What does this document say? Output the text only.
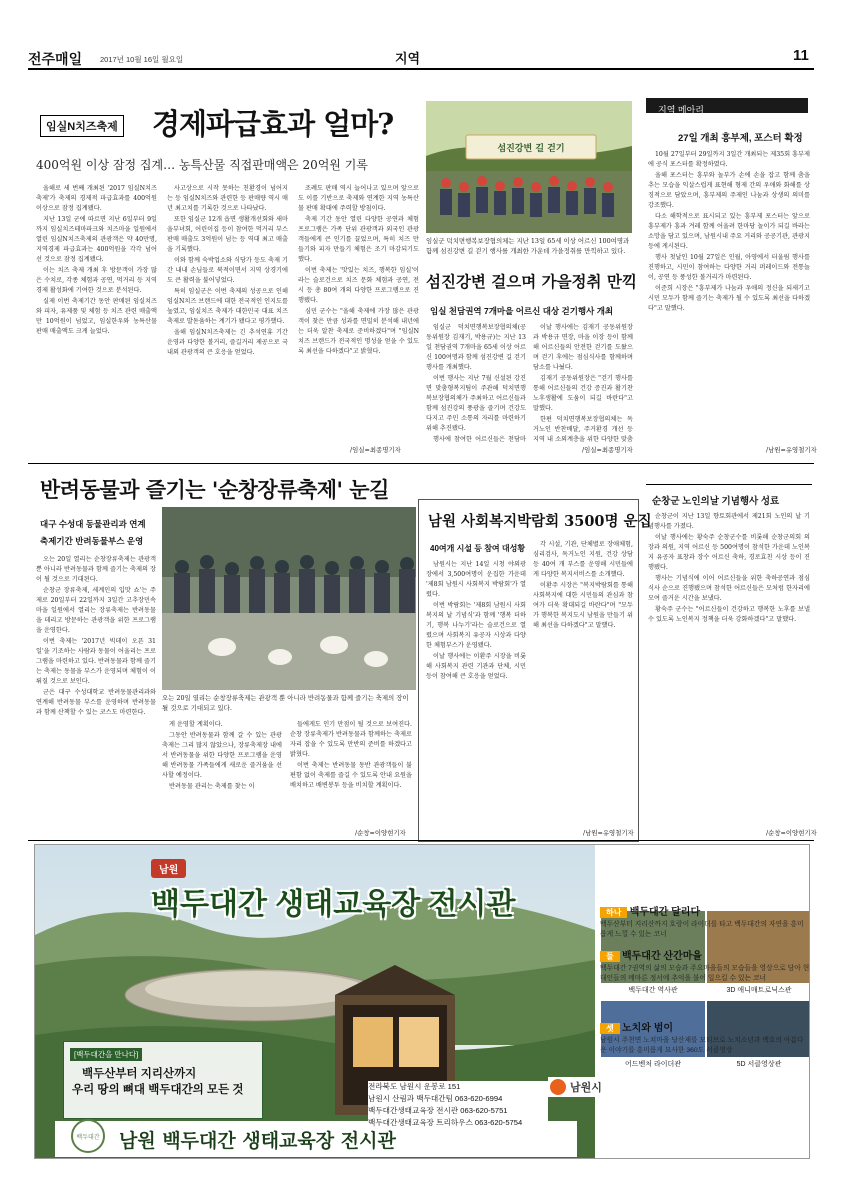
전주매일 2017년 10월 16일 월요일	지역	11
임실N치즈축제 경제파급효과 얼마?
400억원 이상 잠정 집계… 농특산물 직접판매액은 20억원 기록

올해로 세 번째 개최된 '2017 임실N치즈축제'가 축제의 경제적 파급효과를 400억원 이상으로 잠정 집계됐다.

지난 13일 군에 따르면 지난 6일부터 9일까지 임실치즈테마파크와 치즈마을 일원에서 열린 임실N치즈축제의 관광객은 약 40만명, 지역경제 파급효과는 400억원을 각각 넘어선 것으로 잠정 집계됐다.

이는 치즈 축제 개최 후 방문객이 가장 많은 수치로, 각종 체험과 공연, 먹거리 등 지역경제 활성화에 기여한 것으로 분석된다.

실제 이번 축제기간 동안 판매된 임실치즈와 피자, 유제품 및 체험 등 치즈 관련 매출액만 10억원이 넘었고, 임실한우와 농특산물 판매 매출액도 크게 늘었다.

사고상으로 시작 못하는 친환경이 넘어지는 등 임실N치즈와 관련한 등 판매량 역시 매년 최고치를 기록한 것으로 나타났다.

또한 임실군 12개 읍면 생활개선회와 새마을부녀회, 어린이집 등이 참여한 먹거리 부스 판매 매출도 3억원이 넘는 등 역대 최고 매출을 기록했다.

이와 함께 숙박업소와 식당가 등도 축제 기간 내내 손님들로 북적이면서 지역 상경기에도 큰 활력을 불어넣었다.

특히 임실군은 이번 축제의 성공으로 인해 임실N치즈 브랜드에 대한 전국적인 인지도를 높였고, 임실치즈 축제가 대한민국 대표 치즈축제로 발돋움하는 계기가 됐다고 평가했다.

올해 임실N치즈축제는 긴 추석연휴 기간 운영과 다양한 볼거리, 즐길거리 제공으로 국내외 관광객의 큰 호응을 얻었다.

조례도 판매 역시 늘어나고 있으며 앞으로도 이를 기반으로 축제와 연계한 지역 농특산물 판매 확대에 주력할 방침이다.

축제 기간 동안 열린 다양한 공연과 체험 프로그램은 가족 단위 관광객과 외국인 관광객들에게 큰 인기를 끌었으며, 특히 치즈 만들기와 피자 만들기 체험은 조기 마감되기도 했다.

이번 축제는 '맛있는 치즈, 행복한 임실'이라는 슬로건으로 치즈 문화 체험과 공연, 전시 등 총 80여 개의 다양한 프로그램으로 진행됐다.

심민 군수는 "올해 축제에 가장 많은 관광객이 찾은 만큼 성과를 면밀히 분석해 내년에는 더욱 알찬 축제로 준비하겠다"며 "임실N치즈 브랜드가 전국적인 명성을 얻을 수 있도록 최선을 다하겠다"고 밝혔다.

/임실=최종명기자
섬진강변 길 걷기
임실군 덕치면행복보장협의체는 지난 13일 65세 이상 어르신 100여명과 함께 섬진강변 길 걷기 행사를 개최한 가운데 가을정취를 만끽하고 있다.
섬진강변 걸으며 가을정취 만끽
임실 천담권역 7개마을 어르신 대상 걷기행사 개최

임실군 덕치면행복보장협의체(공동위원장 김재기, 박용규)는 지난 13일 천담권역 7개마을 65세 이상 어르신 100여명과 함께 섬진강변 길 걷기 행사를 개최했다.

이번 행사는 지난 7월 신설된 강진면 맞춤형복지팀이 주관해 덕치면행복보장협의체가 주최하고 어르신들과 함께 섬진강의 풍광을 즐기며 건강도 다지고 주민 소통의 자리를 마련하기 위해 추진됐다.

행사에 참여한 어르신들은 천담마

이날 행사에는 김재기 공동위원장과 박용규 면장, 마을 이장 등이 함께해 어르신들의 안전한 걷기를 도왔으며 걷기 후에는 점심식사를 함께하며 담소를 나눴다.

김재기 공동위원장은 "걷기 행사를 통해 어르신들의 건강 증진과 활기찬 노후생활에 도움이 되길 바란다"고 말했다.

한편 덕치면행복보장협의체는 독거노인 반찬배달, 주거환경 개선 등 지역 내 소외계층을 위한 다양한 맞춤

/임실=최종명기자
지역 메아리
27일 개최 흥부제, 포스터 확정

10월 27일부터 29일까지 3일간 개최되는 제35회 흥부제에 공식 포스터를 확정하였다.

올해 포스터는 흥부와 놀부가 손에 손을 잡고 함께 춤을 추는 모습을 익살스럽게 표현해 형제 간의 우애와 화해를 상징적으로 담았으며, 흥부제의 주제인 나눔과 상생의 의미를 강조했다.

다소 해학적으로 표시되고 있는 흥부제 포스터는 앞으로 흥부제가 흥과 겨레 함께 어울려 한마당 놀이가 되길 바라는 소망을 담고 있으며, 남원시내 주요 거리와 공공기관, 관광지 등에 게시된다.

행사 첫날인 10월 27일은 인월, 아영에서 터울림 행사를 진행하고, 시민이 참여하는 다양한 거리 퍼레이드와 전통놀이, 공연 등 풍성한 볼거리가 마련된다.

이준희 시장은 "흥부제가 나눔과 우애의 정신을 되새기고 시민 모두가 함께 즐기는 축제가 될 수 있도록 최선을 다하겠다"고 말했다.

/남원=유영철기자
반려동물과 즐기는 '순창장류축제' 눈길
대구 수성대 동물관리과 연계
축제기간 반려동물부스 운영

오는 20일 열리는 순창장류축제는 관광객 뿐 아니라 반려동물과 함께 즐기는 축제의 장이 될 것으로 기대된다.

순창군 장류축제, 세계인의 입맛 쇼'는 주제로 20일부터 22일까지 3일간 고추장민속마을 일원에서 열리는 장류축제는 반려동물을 데리고 방문하는 관광객을 위한 프로그램을 운영한다.

이번 축제는 '2017년 빅데이 오픈 31일'을 기조하는 사람과 동물이 어울리는 프로그램을 마련하고 있다. 반려동물과 함께 즐기는 축제는 동물을 부스가 운영되며 체험이 이뤄질 것으로 보인다.

군은 대구 수성대학교 반려동물관리과와 연계해 반려동물 부스를 운영하며 반려동물과 함께 산책할 수 있는 코스도 마련한다.

오는 20일 열리는 순창장류축제는 관광객 뿐 아니라 반려동물과 함께 즐기는 축제의 장이 될 것으로 기대되고 있다.

게 운영할 계획이다.

그동안 반려동물과 함께 갈 수 있는 관광축제는 그리 많지 않았으나, 장류축제장 내에서 반려동물을 위한 다양한 프로그램을 운영해 반려동물 가족들에게 새로운 즐거움을 선사할 예정이다.

반려동물 관리는 축제를 찾는 이

들에게도 인기 만점이 될 것으로 보여진다. 순창 장류축제가 반려동물과 함께하는 축제로 자리 잡을 수 있도록 만반의 준비를 하겠다고 밝혔다.

이번 축제는 반려동물 동반 관광객들이 불편함 없이 축제를 즐길 수 있도록 안내 요원을 배치하고 배변봉투 등을 비치할 계획이다.

/순창=이양현기자
남원 사회복지박람회 3500명 운집
40여개 시설 등 참여 대성황

남원시는 지난 14일 시청 야외광장에서 3,500여명이 운집한 가운데 '제8회 남원시 사회복지 박람회'가 열렸다.

이번 박람회는 '제8회 남원시 사회복지의 날 기념식'과 함께 '행복 더하기, 행복 나누기'라는 슬로건으로 열렸으며 사회복지 유공자 시상과 다양한 체험부스가 운영됐다.

이날 행사에는 이환주 시장을 비롯해 사회복지 관련 기관과 단체, 시민 등이 참여해 큰 호응을 얻었다.

각 시설, 기관, 단체별로 장애체험, 심리검사, 독거노인 지원, 건강 상담 등 40여 개 부스를 운영해 시민들에게 다양한 복지서비스를 소개했다.

이환주 시장은 "복지박람회를 통해 사회복지에 대한 시민들의 관심과 참여가 더욱 확대되길 바란다"며 "모두가 행복한 복지도시 남원을 만들기 위해 최선을 다하겠다"고 말했다.

/남원=유영철기자
순창군 노인의날 기념행사 성료

순창군이 지난 13일 향토회관에서 제21회 노인의 날 기념행사를 가졌다.

이날 행사에는 황숙주 순창군수를 비롯해 순창군의회 의장과 의원, 지역 어르신 등 500여명이 참석한 가운데 노인복지 유공자 표창과 장수 어르신 축하, 경로효친 시상 등이 진행됐다.

행사는 기념식에 이어 어르신들을 위한 축하공연과 점심식사 순으로 진행됐으며 참석한 어르신들은 모처럼 한자리에 모여 즐거운 시간을 보냈다.

황숙주 군수는 "어르신들이 건강하고 행복한 노후를 보낼 수 있도록 노인복지 정책을 더욱 강화하겠다"고 말했다.

/순창=이양현기자
남원
백두대간 생태교육장 전시관
백두대간 역사관	3D 애니매트로닉스관
어드벤처 라이더관	5D 서클영상관
[백두대간을 만나다]
백두산부터 지리산까지
우리 땅의 뼈대 백두대간의 모든 것
백두대간 남원 백두대간 생태교육장 전시관
하나 백두대간 달리다
백두산부터 지리산까지 호랑이 라이더를 타고 백두대간의 자연을 흥미롭게 느낄 수 있는 코너
둘 백두대간 산간마을
백두대간 7권역의 삶의 모습과 주요마을들의 모습들을 영상으로 담아 현대인들의 메마른 정서에 추억을 불어 일으킬 수 있는 코너
셋 노치와 범이
남원시 주천면 노치마을 당산제를 모티브로 노치소년과 백호의 아름다운 이야기를 흥미롭게 묘사한 360도 서클영상
전라북도 남원시 운봉로 151
남원시 산림과 백두대간팀 063-620-6994
백두대간생태교육장 전시관 063-620-5751
백두대간생태교육장 트리하우스 063-620-5754
남원시
